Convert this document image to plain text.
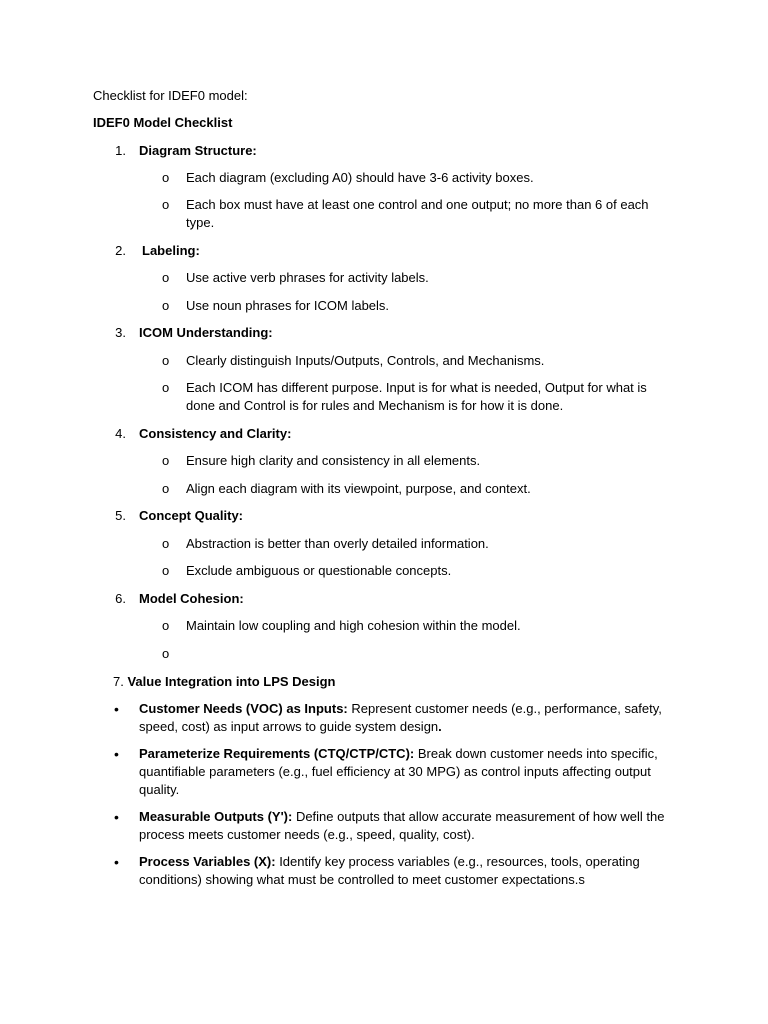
Checklist for IDEF0 model:
IDEF0 Model Checklist
1. Diagram Structure:
o Each diagram (excluding A0) should have 3-6 activity boxes.
o Each box must have at least one control and one output; no more than 6 of each type.
2. Labeling:
o Use active verb phrases for activity labels.
o Use noun phrases for ICOM labels.
3. ICOM Understanding:
o Clearly distinguish Inputs/Outputs, Controls, and Mechanisms.
o Each ICOM has different purpose. Input is for what is needed, Output for what is done and Control is for rules and Mechanism is for how it is done.
4. Consistency and Clarity:
o Ensure high clarity and consistency in all elements.
o Align each diagram with its viewpoint, purpose, and context.
5. Concept Quality:
o Abstraction is better than overly detailed information.
o Exclude ambiguous or questionable concepts.
6. Model Cohesion:
o Maintain low coupling and high cohesion within the model.
o
7. Value Integration into LPS Design
• Customer Needs (VOC) as Inputs: Represent customer needs (e.g., performance, safety, speed, cost) as input arrows to guide system design.
• Parameterize Requirements (CTQ/CTP/CTC): Break down customer needs into specific, quantifiable parameters (e.g., fuel efficiency at 30 MPG) as control inputs affecting output quality.
• Measurable Outputs (Y'): Define outputs that allow accurate measurement of how well the process meets customer needs (e.g., speed, quality, cost).
• Process Variables (X): Identify key process variables (e.g., resources, tools, operating conditions) showing what must be controlled to meet customer expectations.s
